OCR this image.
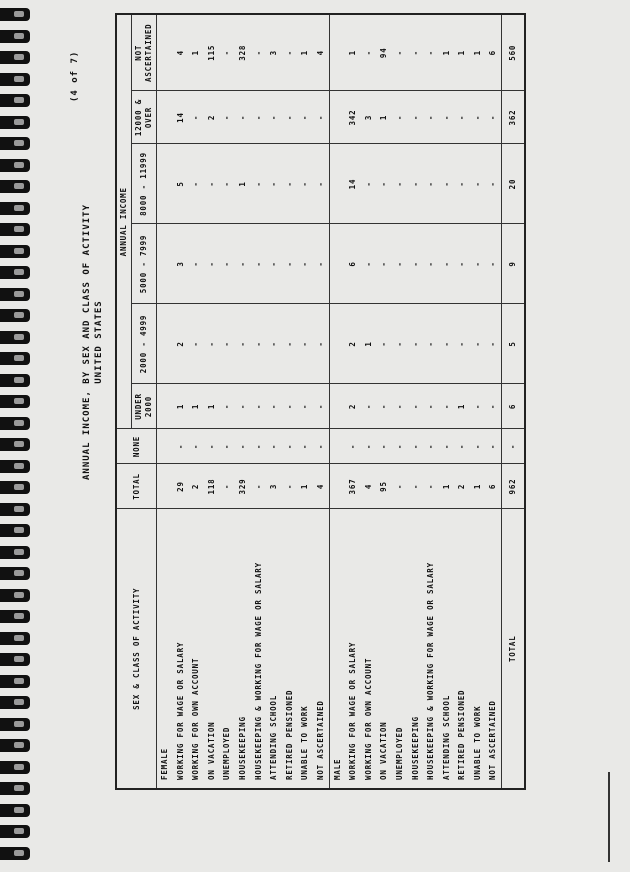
(4 of 7)
ANNUAL INCOME, BY SEX AND CLASS OF ACTIVITY UNITED STATES
SEX & CLASS OF ACTIVITY	TOTAL	NONE	ANNUAL INCOME					
			UNDER 2000	2000 - 4999	5000 - 7999	8000 - 11999	12000 & OVER	NOT ASCERTAINED
FEMALE								
WORKING FOR WAGE OR SALARY	29	-	1	2	3	5	14	4
WORKING FOR OWN ACCOUNT	2	-	1	-	-	-	-	1
ON VACATION	118	-	1	-	-	-	2	115
UNEMPLOYED	-	-	-	-	-	-	-	-
HOUSEKEEPING	329	-	-	-	-	1	-	328
HOUSEKEEPING & WORKING FOR WAGE OR SALARY	-	-	-	-	-	-	-	-
ATTENDING SCHOOL	3	-	-	-	-	-	-	3
RETIRED PENSIONED	-	-	-	-	-	-	-	-
UNABLE TO WORK	1	-	-	-	-	-	-	1
NOT ASCERTAINED	4	-	-	-	-	-	-	4
MALE								
WORKING FOR WAGE OR SALARY	367	-	2	2	6	14	342	1
WORKING FOR OWN ACCOUNT	4	-	-	1	-	-	3	-
ON VACATION	95	-	-	-	-	-	1	94
UNEMPLOYED	-	-	-	-	-	-	-	-
HOUSEKEEPING	-	-	-	-	-	-	-	-
HOUSEKEEPING & WORKING FOR WAGE OR SALARY	-	-	-	-	-	-	-	-
ATTENDING SCHOOL	1	-	-	-	-	-	-	1
RETIRED PENSIONED	2	-	1	-	-	-	-	1
UNABLE TO WORK	1	-	-	-	-	-	-	1
NOT ASCERTAINED	6	-	-	-	-	-	-	6
TOTAL	962	-	6	5	9	20	362	560
